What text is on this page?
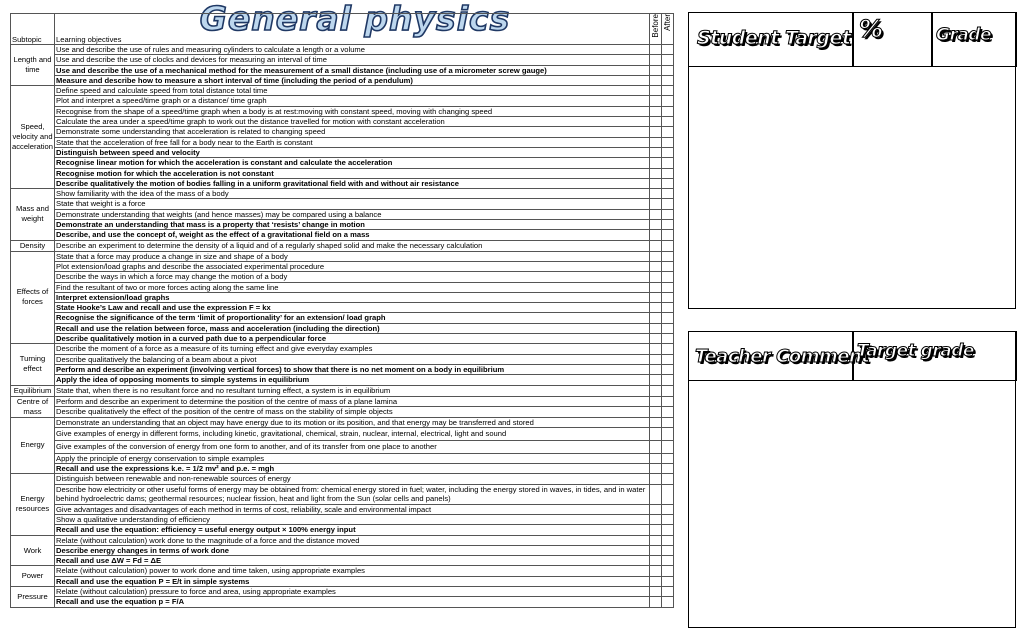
General physics
Subtopic	Learning objectives	Before	After
Length and time	Use and describe the use of rules and measuring cylinders to calculate a length or a volume		
	Use and describe the use of clocks and devices for measuring an interval of time		
	Use and describe the use of a mechanical method for the measurement of a small distance (including use of a micrometer screw gauge)		
	Measure and describe how to measure a short interval of time (including the period of a pendulum)		
Speed, velocity and acceleration	Define speed and calculate speed from total distance total time		
	Plot and interpret a speed/time graph or a distance/ time graph		
	Recognise from the shape of a speed/time graph when a body is at rest:moving with constant speed, moving with changing speed		
	Calculate the area under a speed/time graph to work out the distance travelled for motion with constant acceleration		
	Demonstrate some understanding that acceleration is related to changing speed		
	State that the acceleration of free fall for a body near to the Earth is constant		
	Distinguish between speed and velocity		
	Recognise linear motion for which the acceleration is constant and calculate the acceleration		
	Recognise motion for which the acceleration is not constant		
	Describe qualitatively the motion of bodies falling in a uniform gravitational field with and without air resistance		
Mass and weight	Show familiarity with the idea of the mass of a body		
	State that weight is a force		
	Demonstrate understanding that weights (and hence masses) may be compared using a balance		
	Demonstrate an understanding that mass is a property that ‘resists’ change in motion		
	Describe, and use the concept of, weight as the effect of a gravitational field on a mass		
Density	Describe an experiment to determine the density of a liquid and of a regularly shaped solid and make the necessary calculation		
Effects of forces	State that a force may produce a change in size and shape of a body		
	Plot extension/load graphs and describe the associated experimental procedure		
	Describe the ways in which a force may change the motion of a body		
	Find the resultant of two or more forces acting along the same line		
	Interpret extension/load graphs		
	State Hooke’s Law and recall and use the expression F = kx		
	Recognise the significance of the term ‘limit of proportionality’ for an extension/ load graph		
	Recall and use the relation between force, mass and acceleration (including the direction)		
	Describe qualitatively motion in a curved path due to a perpendicular force		
Turning effect	Describe the moment of a force as a measure of its turning effect and give everyday examples		
	Describe qualitatively the balancing of a beam about a pivot		
	Perform and describe an experiment (involving vertical forces) to show that there is no net moment on a body in equilibrium		
	Apply the idea of opposing moments to simple systems in equilibrium		
Equilibrium	State that, when there is no resultant force and no resultant turning effect, a system is in equilibrium		
Centre of mass	Perform and describe an experiment to determine the position of the centre of mass of a plane lamina		
	Describe qualitatively the effect of the position of the centre of mass on the stability of simple objects		
Energy	Demonstrate an understanding that an object may have energy due to its motion or its position, and that energy may be transferred and stored		
	Give examples of energy in different forms, including kinetic, gravitational, chemical, strain, nuclear, internal, electrical, light and sound		
	Give examples of the conversion of energy from one form to another, and of its transfer from one place to another		
	Apply the principle of energy conservation to simple examples		
	Recall and use the expressions k.e. = 1/2 mv² and p.e. = mgh		
Energy resources	Distinguish between renewable and non-renewable sources of energy		
	Describe how electricity or other useful forms of energy may be obtained from: chemical energy stored in fuel; water, including the energy stored in waves, in tides, and in water behind hydroelectric dams; geothermal resources; nuclear fission, heat and light from the Sun (solar cells and panels)		
	Give advantages and disadvantages of each method in terms of cost, reliability, scale and environmental impact		
	Show a qualitative understanding of efficiency		
	Recall and use the equation: efficiency = useful energy output × 100% energy input		
Work	Relate (without calculation) work done to the magnitude of a force and the distance moved		
	Describe energy changes in terms of work done		
	Recall and use ΔW = Fd = ΔE		
Power	Relate (without calculation) power to work done and time taken, using appropriate examples		
	Recall and use the equation P = E/t in simple systems		
Pressure	Relate (without calculation) pressure to force and area, using appropriate examples		
	Recall and use the equation p = F/A		
Student Target %	Grade
Teacher Comment
Target grade
